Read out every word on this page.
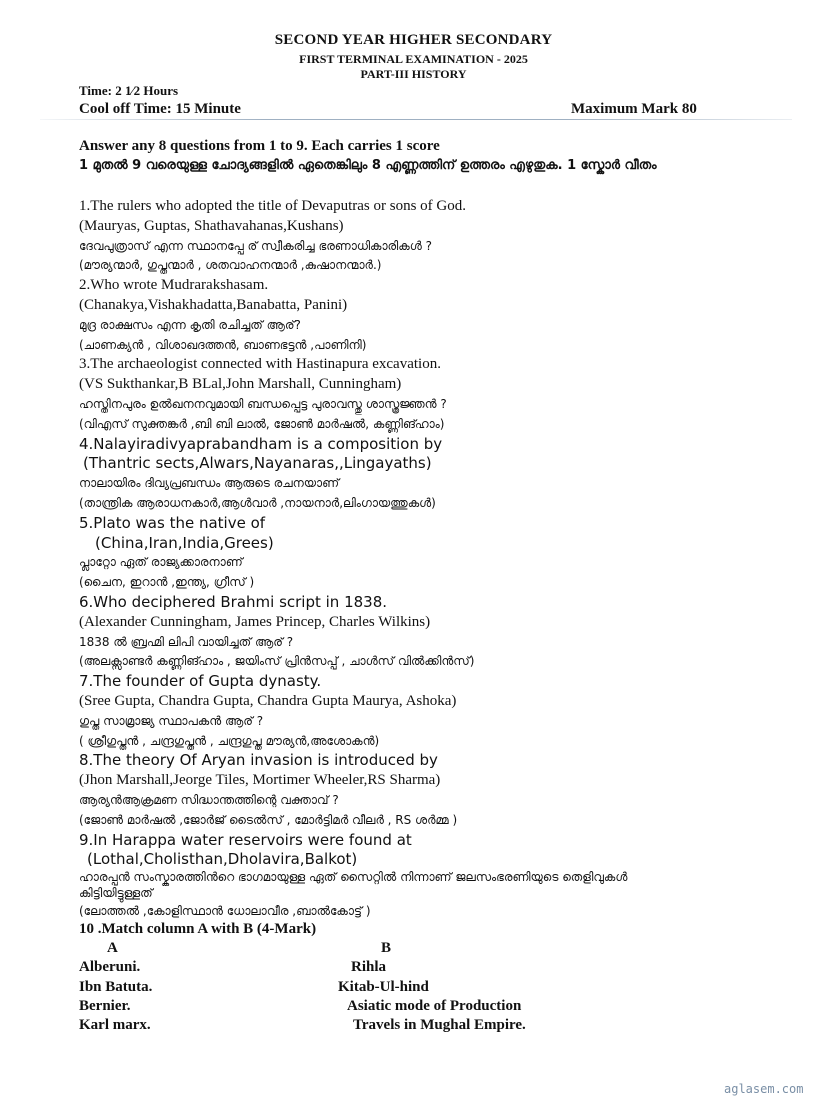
SECOND YEAR HIGHER SECONDARY
FIRST TERMINAL EXAMINATION - 2025
PART-III HISTORY
Time: 2 1⁄2 Hours
Cool off Time: 15 Minute	Maximum Mark 80
Answer any 8 questions from 1 to 9. Each carries 1 score
1 മുതൽ 9 വരെയുള്ള ചോദ്യങ്ങളിൽ ഏതെങ്കിലും 8 എണ്ണത്തിന് ഉത്തരം എഴുതുക. 1 സ്കോർ വീതം
1.The rulers who adopted the title of Devaputras or sons of God.
(Mauryas, Guptas, Shathavahanas,Kushans)
ദേവപുത്രാസ് എന്ന സ്ഥാനപ്പേ ര് സ്വീകരിച്ച ഭരണാധികാരികൾ ?
(മൗര്യന്മാർ, ഗുപ്തന്മാർ , ശതവാഹനന്മാർ ,കുഷാനന്മാർ.)
2.Who wrote Mudrarakshasam.
(Chanakya,Vishakhadatta,Banabatta, Panini)
മുദ്ര രാക്ഷസം എന്ന കൃതി രചിച്ചത് ആര്?
(ചാണക്യൻ , വിശാഖദത്തൻ, ബാണഭട്ടൻ ,പാണിനി)
3.The archaeologist connected with Hastinapura excavation.
(VS Sukthankar,B BLal,John Marshall, Cunningham)
ഹസ്തിനപുരം ഉൽഖനനവുമായി ബന്ധപ്പെട്ട പുരാവസ്തു ശാസ്ത്രജ്ഞൻ ?
(വിഎസ് സുക്തങ്കർ ,ബി ബി ലാൽ, ജോൺ മാർഷൽ, കണ്ണിങ്ഹാം)
4.Nalayiradivyaprabandham is a composition by
(Thantric sects,Alwars,Nayanaras,,Lingayaths)
നാലായിരം ദിവ്യപ്രബന്ധം ആരുടെ രചനയാണ്
(താന്ത്രിക ആരാധനകാർ,ആൾവാർ ,നായനാർ,ലിംഗായത്തുകൾ)
5.Plato was the native of
(China,Iran,India,Grees)
പ്ലാറ്റോ ഏത് രാജ്യക്കാരനാണ്
(ചൈന, ഇറാൻ ,ഇന്ത്യ, ഗ്രീസ് )
6.Who deciphered Brahmi script in 1838.
(Alexander Cunningham, James Princep, Charles Wilkins)
1838 ൽ ബ്രഹ്മി ലിപി വായിച്ചത് ആര് ?
(അലക്സാണ്ടർ കണ്ണിങ്ഹാം , ജയിംസ് പ്രിൻസപ്പ് , ചാൾസ് വിൽക്കിൻസ്)
7.The founder of Gupta dynasty.
(Sree Gupta, Chandra Gupta, Chandra Gupta Maurya, Ashoka)
ഗുപ്ത സാമ്രാജ്യ സ്ഥാപകൻ ആര് ?
( ശ്രീഗുപ്തൻ , ചന്ദ്രഗുപ്തൻ , ചന്ദ്രഗുപ്ത മൗര്യൻ,അശോകൻ)
8.The theory Of Aryan invasion is introduced by
(Jhon Marshall,Jeorge Tiles, Mortimer Wheeler,RS Sharma)
ആര്യൻആക്രമണ സിദ്ധാന്തത്തിന്റെ വക്താവ് ?
(ജോൺ മാർഷൽ ,ജോർജ് ടൈൽസ് , മോർട്ടിമർ വീലർ , RS ശർമ്മ )
9.In Harappa water reservoirs were found at
(Lothal,Cholisthan,Dholavira,Balkot)
ഹാരപ്പൻ സംസ്കാരത്തിൻറെ ഭാഗമായുള്ള ഏത് സൈറ്റിൽ നിന്നാണ് ജലസംഭരണിയുടെ തെളിവുകൾ
കിട്ടിയിട്ടുള്ളത്
(ലോത്തൽ ,കോളിസ്ഥാൻ ധോലാവീര ,ബാൽകോട്ട് )
10 .Match column A with B (4-Mark)
A	B
Alberuni.	Rihla
Ibn Batuta.	Kitab-Ul-hind
Bernier.	Asiatic mode of Production
Karl marx.	Travels in Mughal Empire.
aglasem.com
